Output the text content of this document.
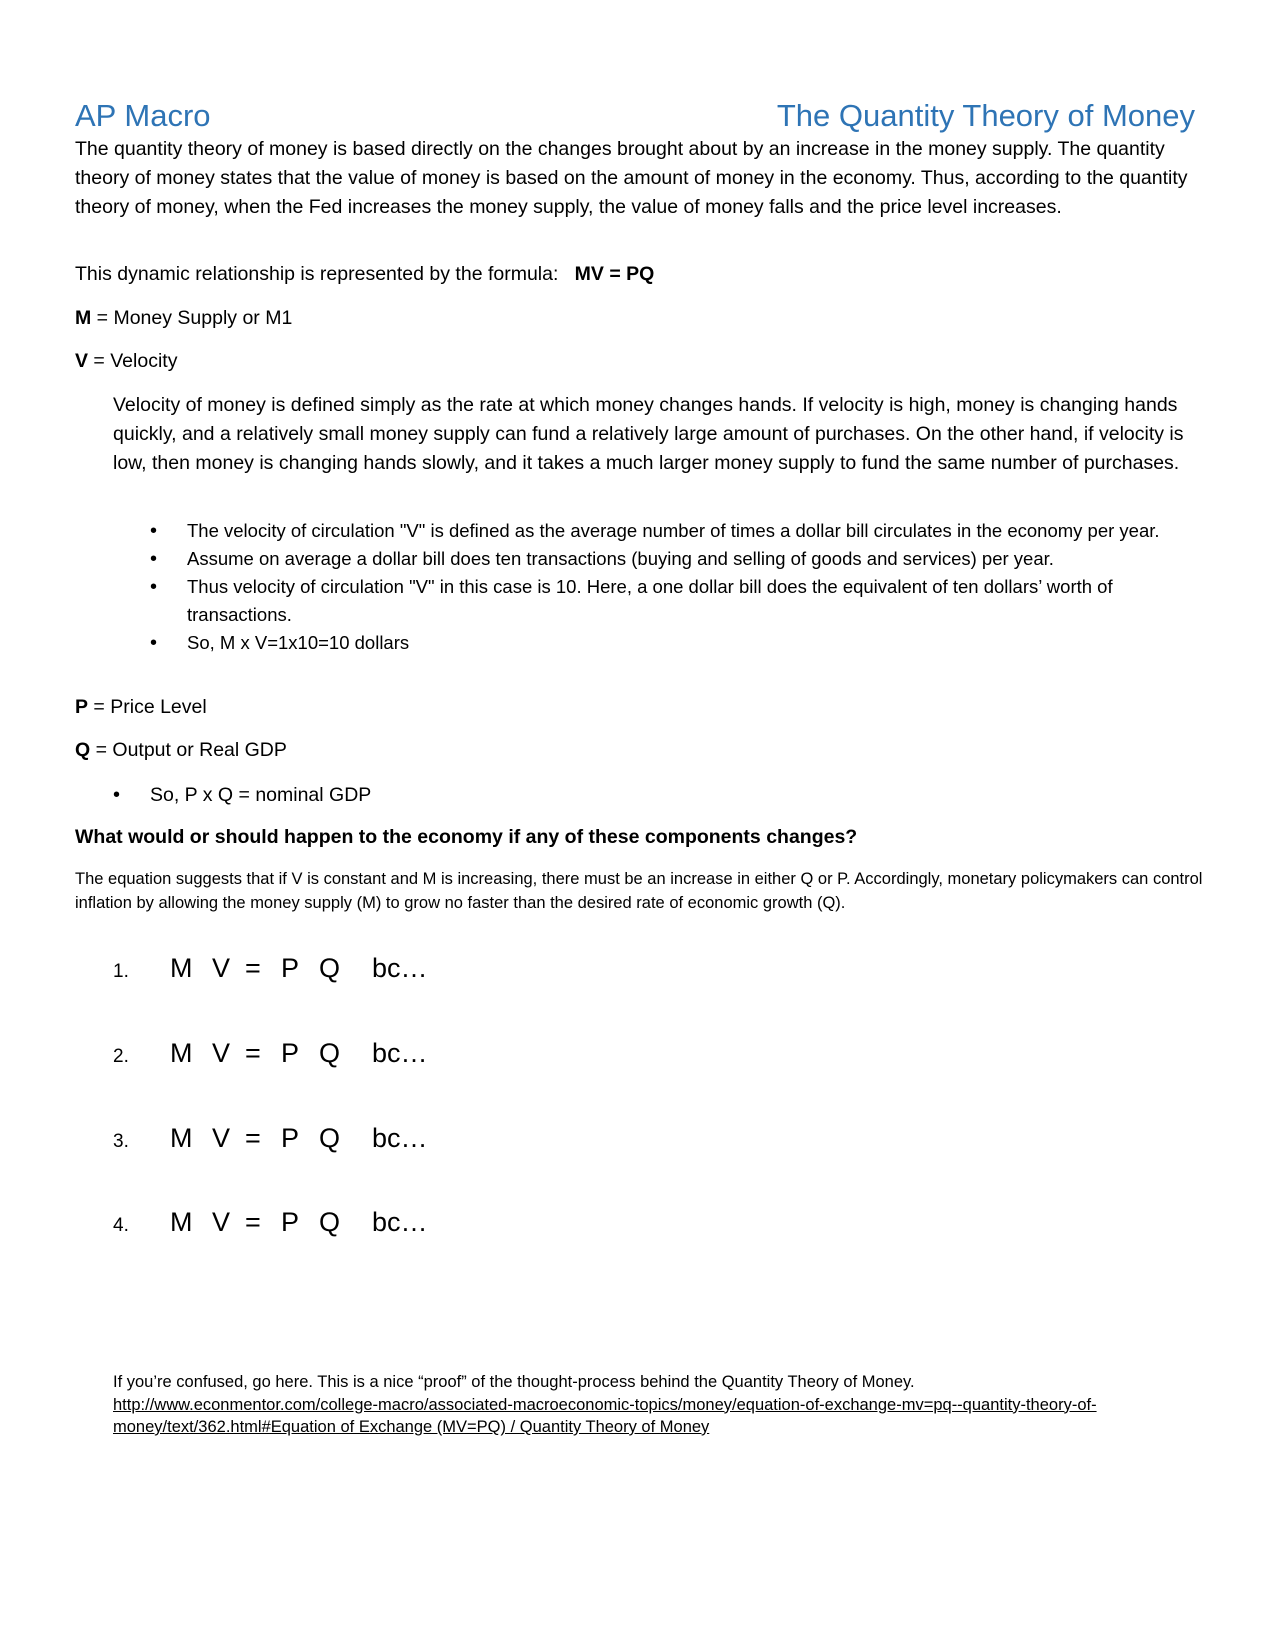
AP Macro	The Quantity Theory of Money
The quantity theory of money is based directly on the changes brought about by an increase in the money supply. The quantity theory of money states that the value of money is based on the amount of money in the economy. Thus, according to the quantity theory of money, when the Fed increases the money supply, the value of money falls and the price level increases.
This dynamic relationship is represented by the formula: MV = PQ
M = Money Supply or M1
V = Velocity
Velocity of money is defined simply as the rate at which money changes hands. If velocity is high, money is changing hands quickly, and a relatively small money supply can fund a relatively large amount of purchases. On the other hand, if velocity is low, then money is changing hands slowly, and it takes a much larger money supply to fund the same number of purchases.
• The velocity of circulation "V" is defined as the average number of times a dollar bill circulates in the economy per year.
• Assume on average a dollar bill does ten transactions (buying and selling of goods and services) per year.
• Thus velocity of circulation "V" in this case is 10. Here, a one dollar bill does the equivalent of ten dollars’ worth of transactions.
• So, M x V=1x10=10 dollars
P = Price Level
Q = Output or Real GDP
• So, P x Q = nominal GDP
What would or should happen to the economy if any of these components changes?
The equation suggests that if V is constant and M is increasing, there must be an increase in either Q or P. Accordingly, monetary policymakers can control inflation by allowing the money supply (M) to grow no faster than the desired rate of economic growth (Q).
1.	M V = P Q	bc…
2.	M V = P Q	bc…
3.	M V = P Q	bc…
4.	M V = P Q	bc…
If you’re confused, go here. This is a nice “proof” of the thought-process behind the Quantity Theory of Money.
http://www.econmentor.com/college-macro/associated-macroeconomic-topics/money/equation-of-exchange-mv=pq--quantity-theory-of-money/text/362.html#Equation of Exchange (MV=PQ) / Quantity Theory of Money
